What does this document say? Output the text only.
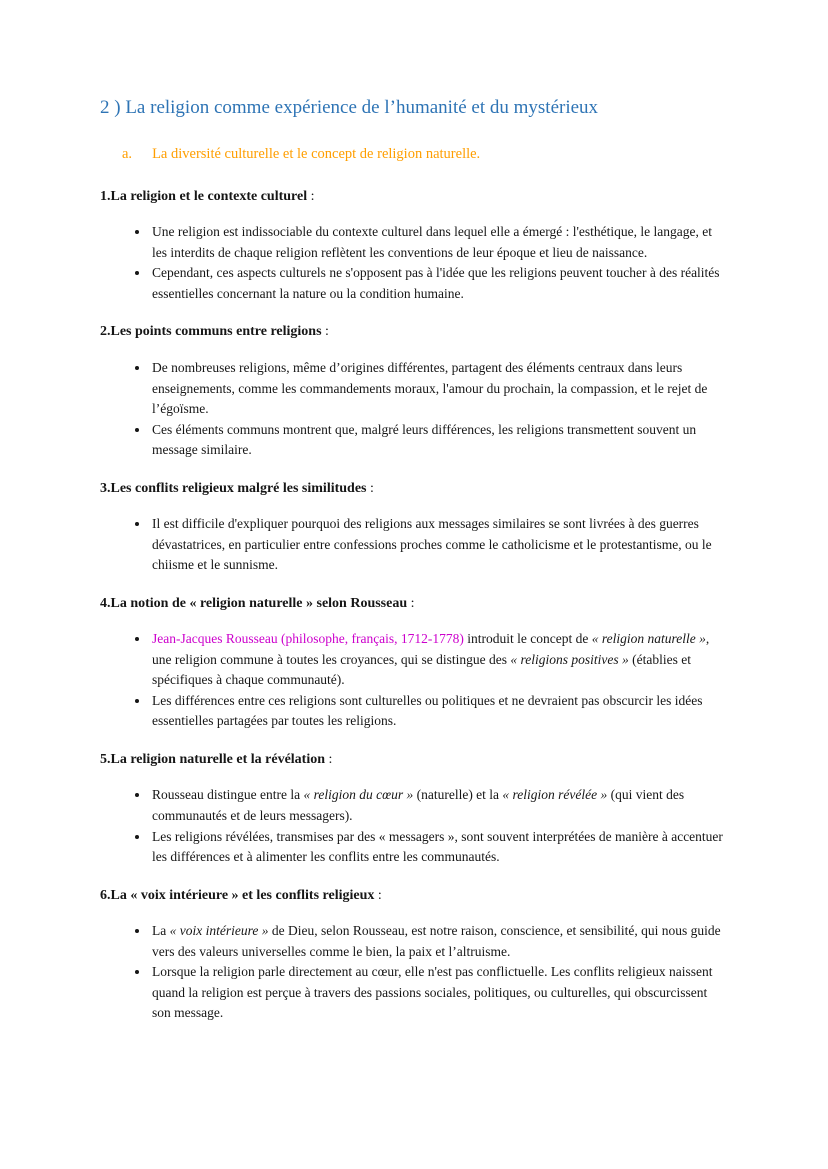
2 ) La religion comme expérience de l’humanité et du mystérieux
a. La diversité culturelle et le concept de religion naturelle.
1.La religion et le contexte culturel :
• Une religion est indissociable du contexte culturel dans lequel elle a émergé : l'esthétique, le langage, et les interdits de chaque religion reflètent les conventions de leur époque et lieu de naissance.
• Cependant, ces aspects culturels ne s'opposent pas à l'idée que les religions peuvent toucher à des réalités essentielles concernant la nature ou la condition humaine.
2.Les points communs entre religions :
• De nombreuses religions, même d’origines différentes, partagent des éléments centraux dans leurs enseignements, comme les commandements moraux, l'amour du prochain, la compassion, et le rejet de l’égoïsme.
• Ces éléments communs montrent que, malgré leurs différences, les religions transmettent souvent un message similaire.
3.Les conflits religieux malgré les similitudes :
• Il est difficile d'expliquer pourquoi des religions aux messages similaires se sont livrées à des guerres dévastatrices, en particulier entre confessions proches comme le catholicisme et le protestantisme, ou le chiisme et le sunnisme.
4.La notion de « religion naturelle » selon Rousseau :
• Jean-Jacques Rousseau (philosophe, français, 1712-1778) introduit le concept de « religion naturelle », une religion commune à toutes les croyances, qui se distingue des « religions positives » (établies et spécifiques à chaque communauté).
• Les différences entre ces religions sont culturelles ou politiques et ne devraient pas obscurcir les idées essentielles partagées par toutes les religions.
5.La religion naturelle et la révélation :
• Rousseau distingue entre la « religion du cœur » (naturelle) et la « religion révélée » (qui vient des communautés et de leurs messagers).
• Les religions révélées, transmises par des « messagers », sont souvent interprétées de manière à accentuer les différences et à alimenter les conflits entre les communautés.
6.La « voix intérieure » et les conflits religieux :
• La « voix intérieure » de Dieu, selon Rousseau, est notre raison, conscience, et sensibilité, qui nous guide vers des valeurs universelles comme le bien, la paix et l’altruisme.
• Lorsque la religion parle directement au cœur, elle n'est pas conflictuelle. Les conflits religieux naissent quand la religion est perçue à travers des passions sociales, politiques, ou culturelles, qui obscurcissent son message.
